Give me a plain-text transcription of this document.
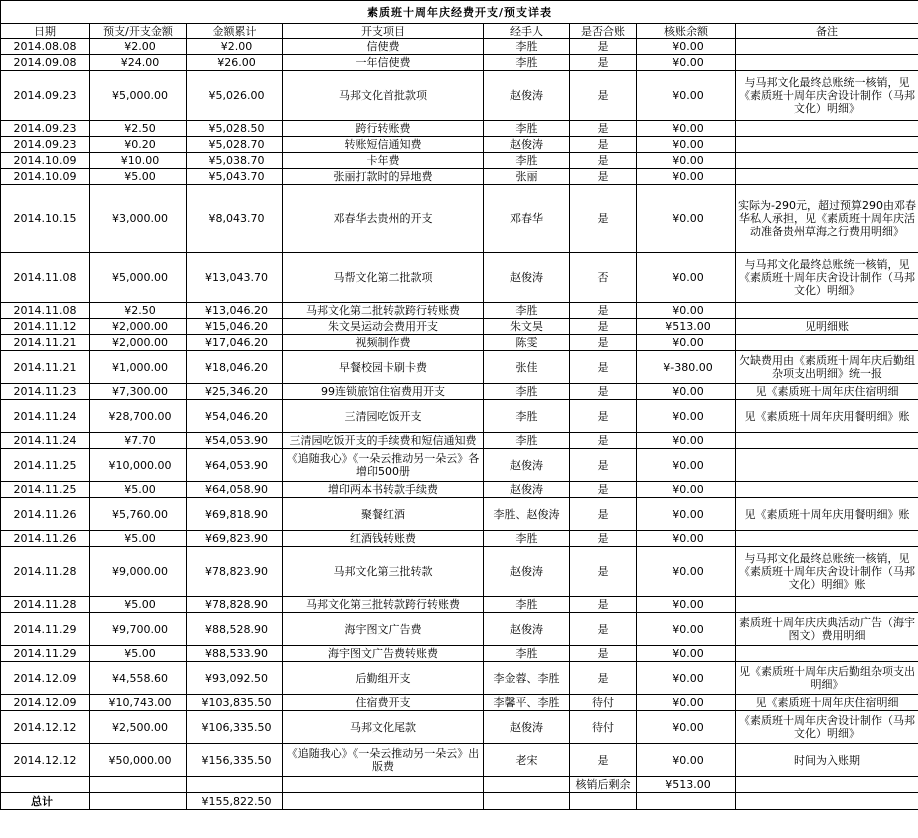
素质班十周年庆经费开支/预支详表							
日期	预支/开支金额	金额累计	开支项目	经手人	是否合账	核账余额	备注
2014.08.08	¥2.00	¥2.00	信使费	李胜	是	¥0.00	
2014.09.08	¥24.00	¥26.00	一年信使费	李胜	是	¥0.00	
2014.09.23	¥5,000.00	¥5,026.00	马邦文化首批款项	赵俊涛	是	¥0.00	与马邦文化最终总账统一核销，见《素质班十周年庆舍设计制作（马邦文化）明细》
2014.09.23	¥2.50	¥5,028.50	跨行转账费	李胜	是	¥0.00	
2014.09.23	¥0.20	¥5,028.70	转账短信通知费	赵俊涛	是	¥0.00	
2014.10.09	¥10.00	¥5,038.70	卡年费	李胜	是	¥0.00	
2014.10.09	¥5.00	¥5,043.70	张丽打款时的异地费	张丽	是	¥0.00	
2014.10.15	¥3,000.00	¥8,043.70	邓春华去贵州的开支	邓春华	是	¥0.00	实际为-290元，超过预算290由邓春华私人承担，见《素质班十周年庆活动准备贵州草海之行费用明细》
2014.11.08	¥5,000.00	¥13,043.70	马帮文化第二批款项	赵俊涛	否	¥0.00	与马邦文化最终总账统一核销，见《素质班十周年庆舍设计制作（马邦文化）明细》
2014.11.08	¥2.50	¥13,046.20	马邦文化第二批转款跨行转账费	李胜	是	¥0.00	
2014.11.12	¥2,000.00	¥15,046.20	朱文昊运动会费用开支	朱文昊	是	¥513.00	见明细账
2014.11.21	¥2,000.00	¥17,046.20	视频制作费	陈雯	是	¥0.00	
2014.11.21	¥1,000.00	¥18,046.20	早餐校园卡刷卡费	张佳	是	¥-380.00	欠缺费用由《素质班十周年庆后勤组杂项支出明细》统一报
2014.11.23	¥7,300.00	¥25,346.20	99连锁旅馆住宿费用开支	李胜	是	¥0.00	见《素质班十周年庆住宿明细
2014.11.24	¥28,700.00	¥54,046.20	三清园吃饭开支	李胜	是	¥0.00	见《素质班十周年庆用餐明细》账
2014.11.24	¥7.70	¥54,053.90	三清园吃饭开支的手续费和短信通知费	李胜	是	¥0.00	
2014.11.25	¥10,000.00	¥64,053.90	《追随我心》《一朵云推动另一朵云》各增印500册	赵俊涛	是	¥0.00	
2014.11.25	¥5.00	¥64,058.90	增印两本书转款手续费	赵俊涛	是	¥0.00	
2014.11.26	¥5,760.00	¥69,818.90	聚餐红酒	李胜、赵俊涛	是	¥0.00	见《素质班十周年庆用餐明细》账
2014.11.26	¥5.00	¥69,823.90	红酒钱转账费	李胜	是	¥0.00	
2014.11.28	¥9,000.00	¥78,823.90	马邦文化第三批转款	赵俊涛	是	¥0.00	与马邦文化最终总账统一核销，见《素质班十周年庆舍设计制作（马邦文化）明细》账
2014.11.28	¥5.00	¥78,828.90	马邦文化第三批转款跨行转账费	李胜	是	¥0.00	
2014.11.29	¥9,700.00	¥88,528.90	海宇图文广告费	赵俊涛	是	¥0.00	素质班十周年庆庆典活动广告（海宇图文）费用明细
2014.11.29	¥5.00	¥88,533.90	海宇图文广告费转账费	李胜	是	¥0.00	
2014.12.09	¥4,558.60	¥93,092.50	后勤组开支	李金蓉、李胜	是	¥0.00	见《素质班十周年庆后勤组杂项支出明细》
2014.12.09	¥10,743.00	¥103,835.50	住宿费开支	李馨平、李胜	待付	¥0.00	见《素质班十周年庆住宿明细
2014.12.12	¥2,500.00	¥106,335.50	马邦文化尾款	赵俊涛	待付	¥0.00	《素质班十周年庆舍设计制作（马邦文化）明细》
2014.12.12	¥50,000.00	¥156,335.50	《追随我心》《一朵云推动另一朵云》出版费	老宋	是	¥0.00	时间为入账期
					核销后剩余	¥513.00	
总计		¥155,822.50					
